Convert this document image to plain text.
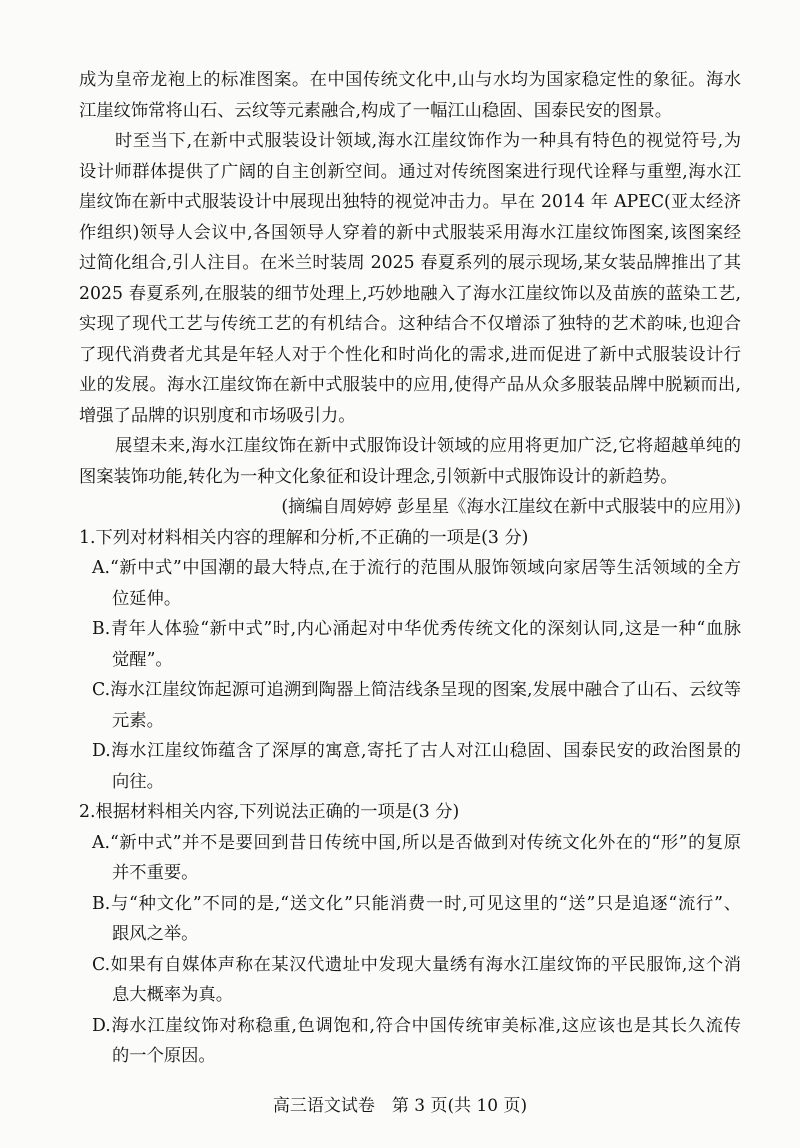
成为皇帝龙袍上的标准图案。在中国传统文化中,山与水均为国家稳定性的象征。海水
江崖纹饰常将山石、云纹等元素融合,构成了一幅江山稳固、国泰民安的图景。
时至当下,在新中式服装设计领域,海水江崖纹饰作为一种具有特色的视觉符号,为
设计师群体提供了广阔的自主创新空间。通过对传统图案进行现代诠释与重塑,海水江
崖纹饰在新中式服装设计中展现出独特的视觉冲击力。早在 2014 年 APEC(亚太经济
作组织)领导人会议中,各国领导人穿着的新中式服装采用海水江崖纹饰图案,该图案经
过简化组合,引人注目。在米兰时装周 2025 春夏系列的展示现场,某女装品牌推出了其
2025 春夏系列,在服装的细节处理上,巧妙地融入了海水江崖纹饰以及苗族的蓝染工艺,
实现了现代工艺与传统工艺的有机结合。这种结合不仅增添了独特的艺术韵味,也迎合
了现代消费者尤其是年轻人对于个性化和时尚化的需求,进而促进了新中式服装设计行
业的发展。海水江崖纹饰在新中式服装中的应用,使得产品从众多服装品牌中脱颖而出,
增强了品牌的识别度和市场吸引力。
展望未来,海水江崖纹饰在新中式服饰设计领域的应用将更加广泛,它将超越单纯的
图案装饰功能,转化为一种文化象征和设计理念,引领新中式服饰设计的新趋势。
(摘编自周婷婷 彭星星《海水江崖纹在新中式服装中的应用》)
1.下列对材料相关内容的理解和分析,不正确的一项是(3 分)
A.“新中式”中国潮的最大特点,在于流行的范围从服饰领域向家居等生活领域的全方
位延伸。
B.青年人体验“新中式”时,内心涌起对中华优秀传统文化的深刻认同,这是一种“血脉
觉醒”。
C.海水江崖纹饰起源可追溯到陶器上简洁线条呈现的图案,发展中融合了山石、云纹等
元素。
D.海水江崖纹饰蕴含了深厚的寓意,寄托了古人对江山稳固、国泰民安的政治图景的
向往。
2.根据材料相关内容,下列说法正确的一项是(3 分)
A.“新中式”并不是要回到昔日传统中国,所以是否做到对传统文化外在的“形”的复原
并不重要。
B.与“种文化”不同的是,“送文化”只能消费一时,可见这里的“送”只是追逐“流行”、
跟风之举。
C.如果有自媒体声称在某汉代遗址中发现大量绣有海水江崖纹饰的平民服饰,这个消
息大概率为真。
D.海水江崖纹饰对称稳重,色调饱和,符合中国传统审美标准,这应该也是其长久流传
的一个原因。
高三语文试卷　第 3 页(共 10 页)
